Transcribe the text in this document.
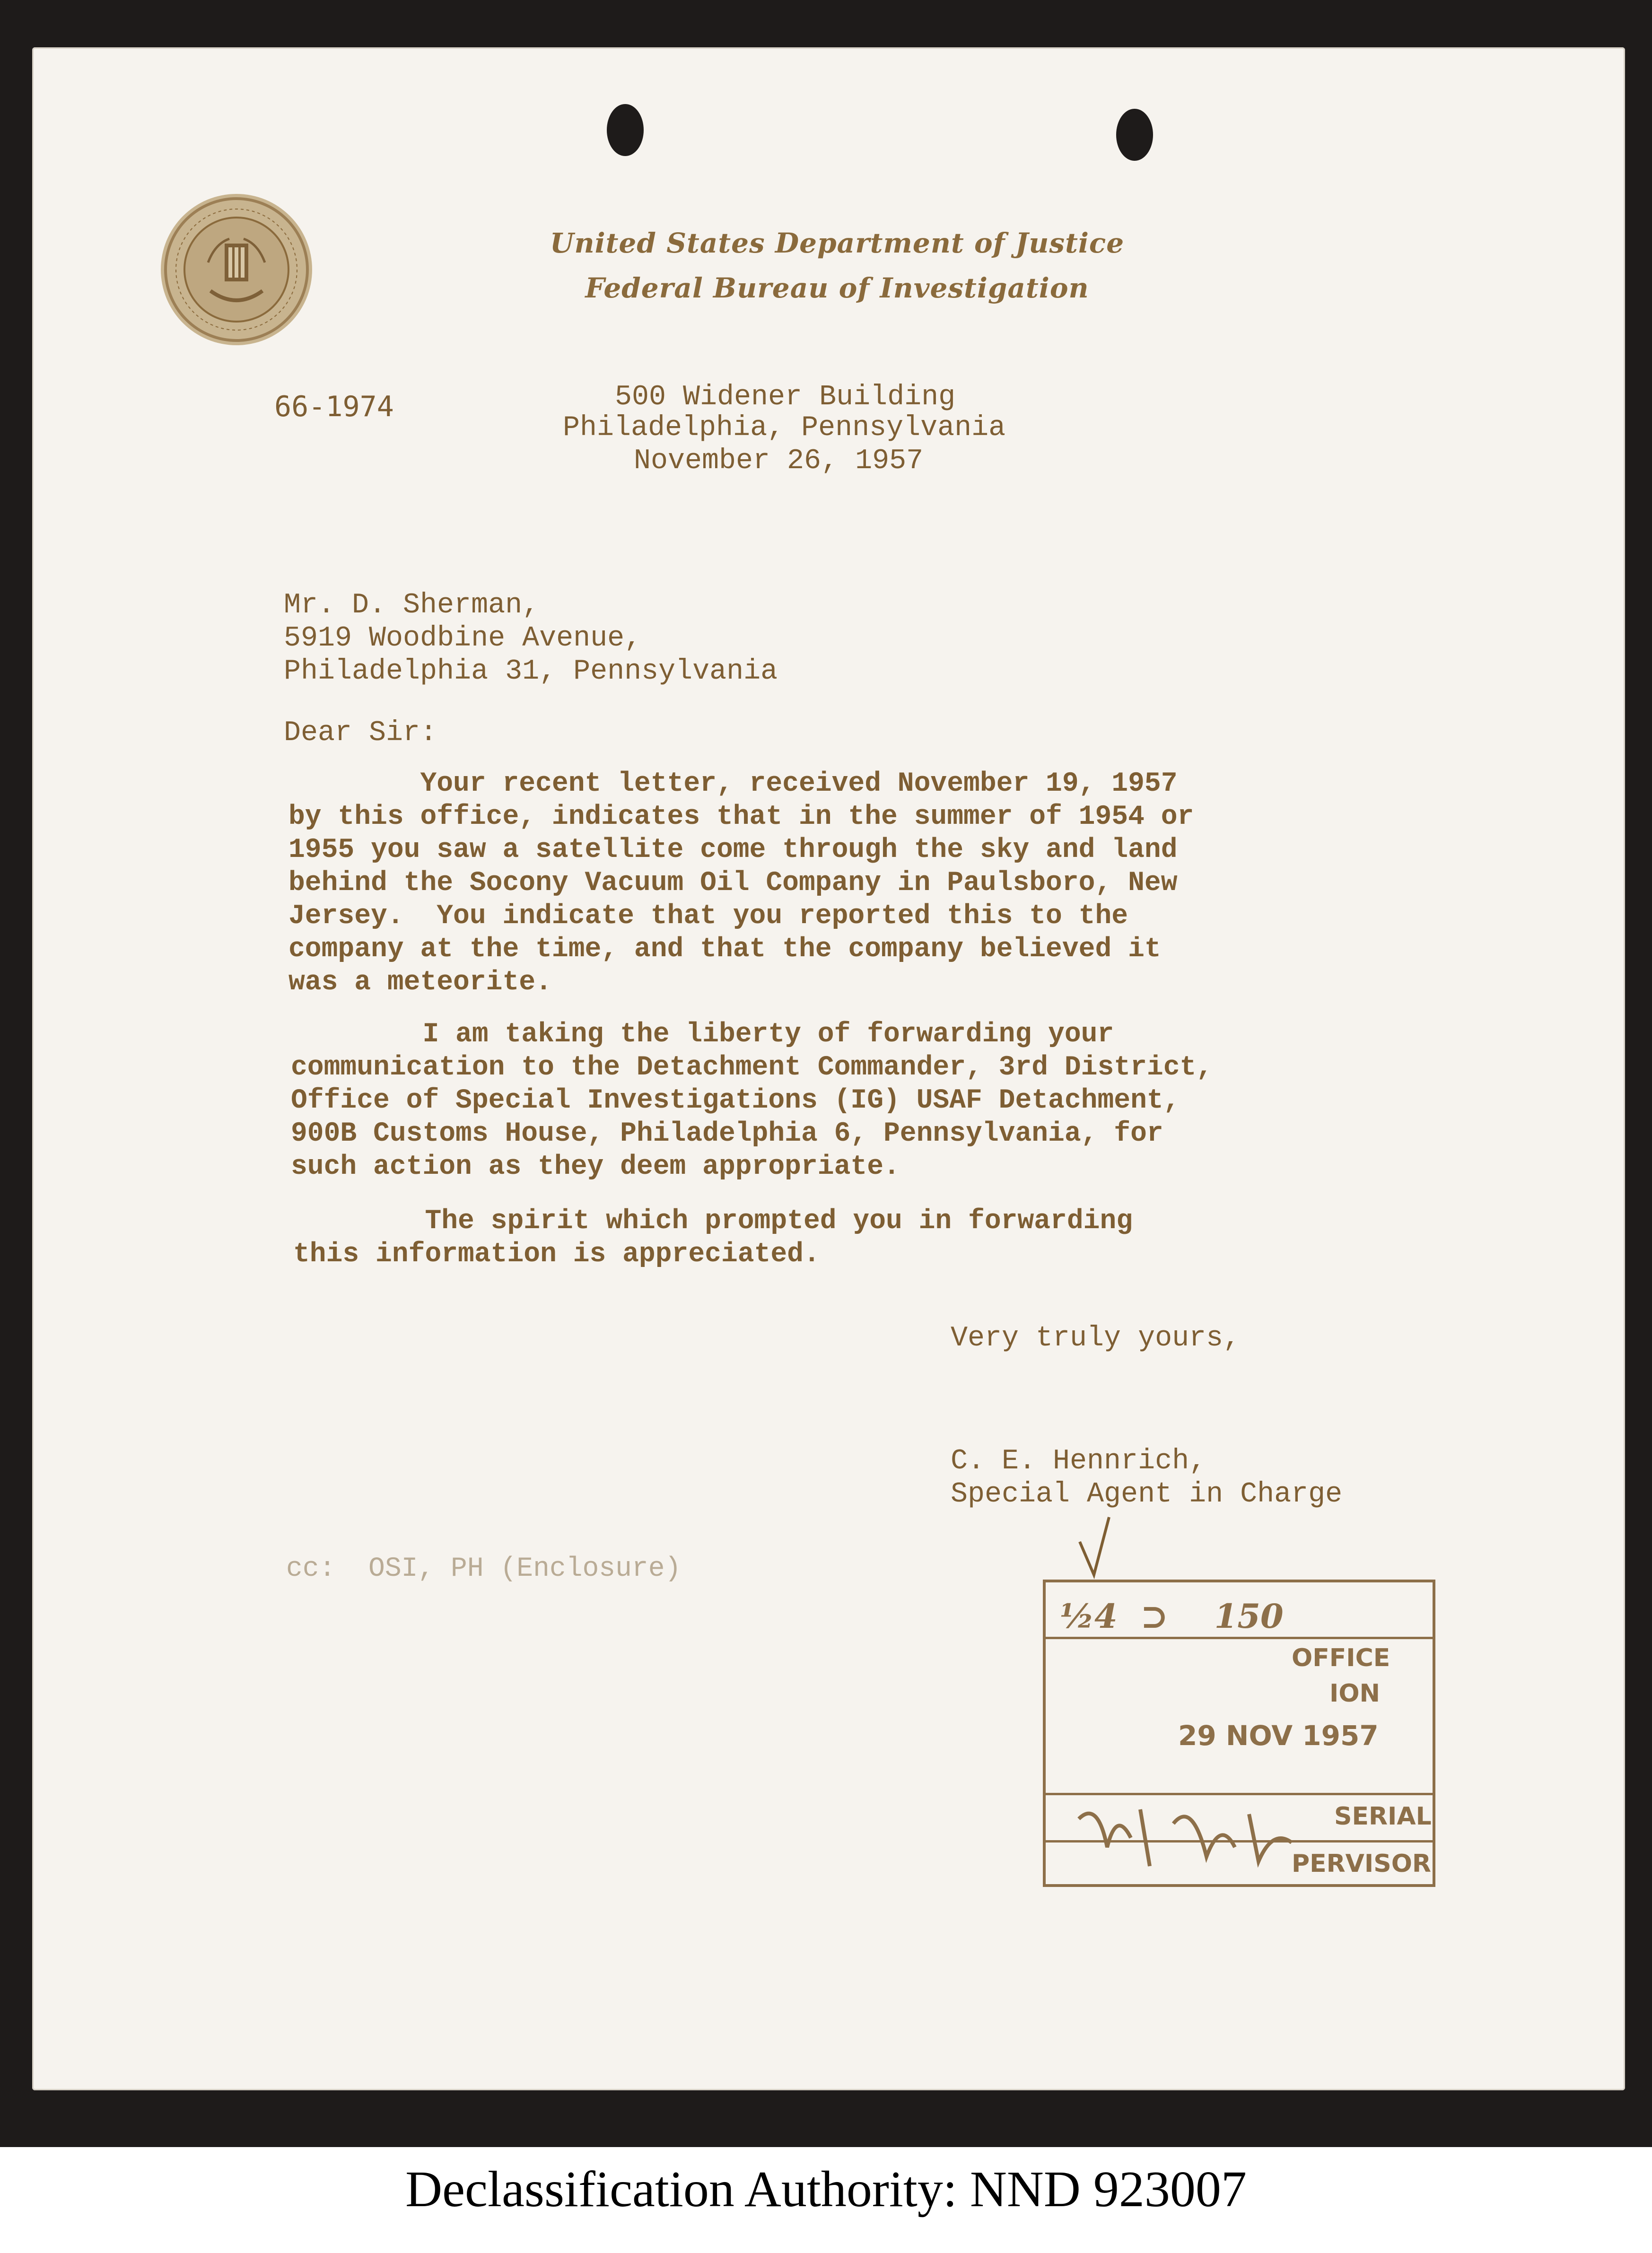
United States Department of Justice
Federal Bureau of Investigation
66-1974	500 Widener Building
Philadelphia, Pennsylvania
November 26, 1957
Mr. D. Sherman,
5919 Woodbine Avenue,
Philadelphia 31, Pennsylvania
Dear Sir:
Your recent letter, received November 19, 1957
by this office, indicates that in the summer of 1954 or
1955 you saw a satellite come through the sky and land
behind the Socony Vacuum Oil Company in Paulsboro, New
Jersey.  You indicate that you reported this to the
company at the time, and that the company believed it
was a meteorite.
I am taking the liberty of forwarding your
communication to the Detachment Commander, 3rd District,
Office of Special Investigations (IG) USAF Detachment,
900B Customs House, Philadelphia 6, Pennsylvania, for
such action as they deem appropriate.
The spirit which prompted you in forwarding
this information is appreciated.
Very truly yours,
C. E. Hennrich,
Special Agent in Charge
cc:  OSI, PH (Enclosure)
½4  ⊃    150
OFFICE
ION
29 NOV 1957
SERIAL
PERVISOR
Declassification Authority: NND 923007
